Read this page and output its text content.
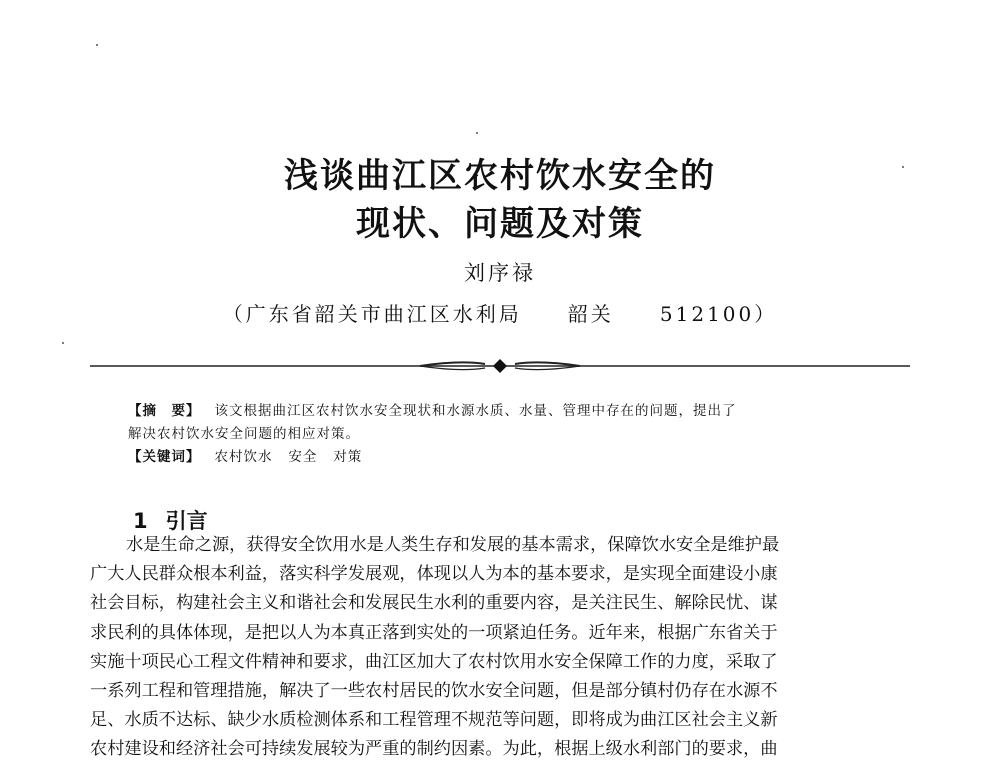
浅谈曲江区农村饮水安全的
现状、问题及对策
刘序禄
（广东省韶关市曲江区水利局 韶关 512100）
【摘　要】 该文根据曲江区农村饮水安全现状和水源水质、水量、管理中存在的问题，提出了
解决农村饮水安全问题的相应对策。
【关键词】 农村饮水 安全 对策
1 引言
水是生命之源，获得安全饮用水是人类生存和发展的基本需求，保障饮水安全是维护最
广大人民群众根本利益，落实科学发展观，体现以人为本的基本要求，是实现全面建设小康
社会目标，构建社会主义和谐社会和发展民生水利的重要内容，是关注民生、解除民忧、谋
求民利的具体体现，是把以人为本真正落到实处的一项紧迫任务。近年来，根据广东省关于
实施十项民心工程文件精神和要求，曲江区加大了农村饮用水安全保障工作的力度，采取了
一系列工程和管理措施，解决了一些农村居民的饮水安全问题，但是部分镇村仍存在水源不
足、水质不达标、缺少水质检测体系和工程管理不规范等问题，即将成为曲江区社会主义新
农村建设和经济社会可持续发展较为严重的制约因素。为此，根据上级水利部门的要求，曲
